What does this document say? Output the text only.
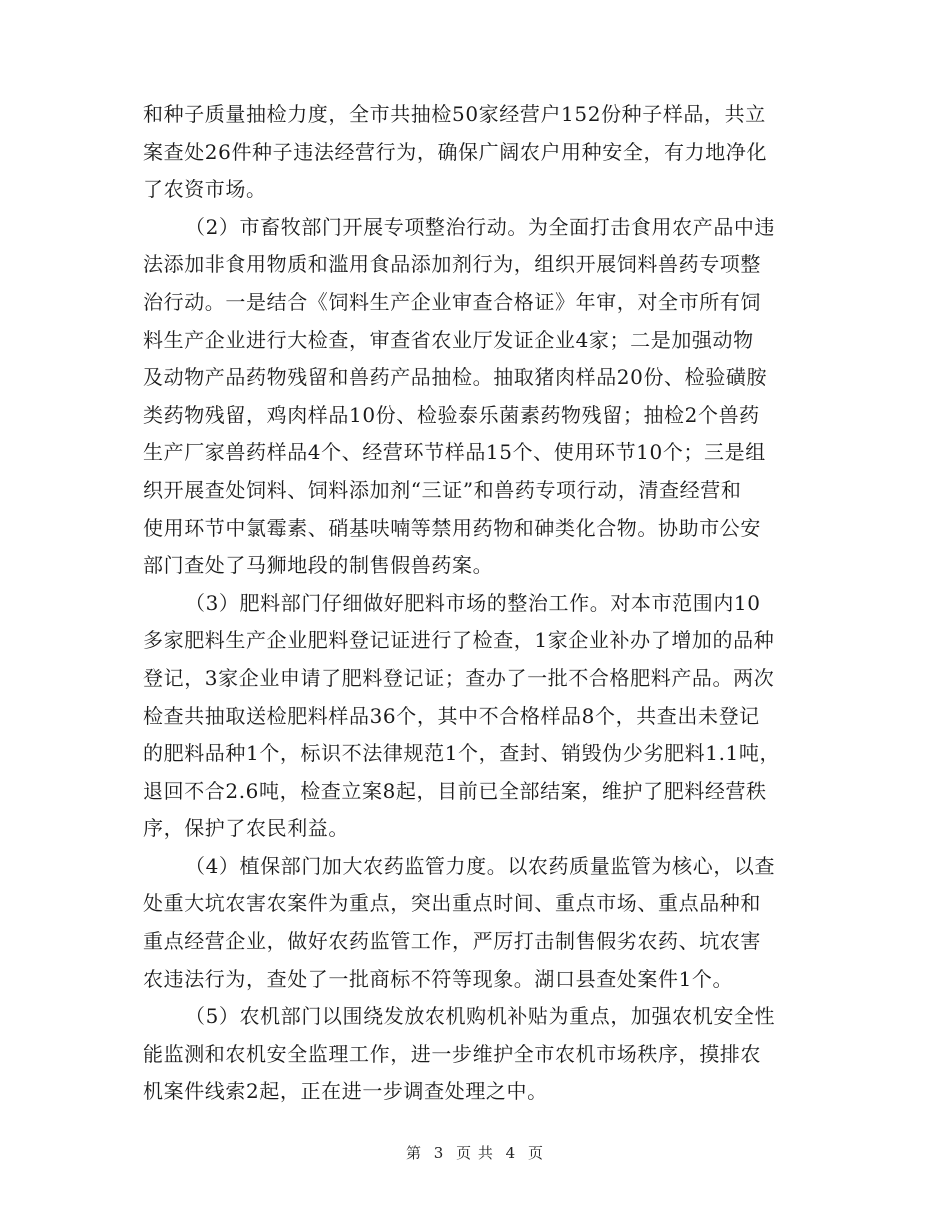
和种子质量抽检力度，全市共抽检50家经营户152份种子样品，共立
案查处26件种子违法经营行为，确保广阔农户用种安全，有力地净化
了农资市场。
（2）市畜牧部门开展专项整治行动。为全面打击食用农产品中违
法添加非食用物质和滥用食品添加剂行为，组织开展饲料兽药专项整
治行动。一是结合《饲料生产企业审查合格证》年审，对全市所有饲
料生产企业进行大检查，审查省农业厅发证企业4家；二是加强动物
及动物产品药物残留和兽药产品抽检。抽取猪肉样品20份、检验磺胺
类药物残留，鸡肉样品10份、检验泰乐菌素药物残留；抽检2个兽药
生产厂家兽药样品4个、经营环节样品15个、使用环节10个；三是组
织开展查处饲料、饲料添加剂“三证”和兽药专项行动，清查经营和
使用环节中氯霉素、硝基呋喃等禁用药物和砷类化合物。协助市公安
部门查处了马狮地段的制售假兽药案。
（3）肥料部门仔细做好肥料市场的整治工作。对本市范围内10
多家肥料生产企业肥料登记证进行了检查，1家企业补办了增加的品种
登记，3家企业申请了肥料登记证；查办了一批不合格肥料产品。两次
检查共抽取送检肥料样品36个，其中不合格样品8个，共查出未登记
的肥料品种1个，标识不法律规范1个，查封、销毁伪少劣肥料1.1吨，
退回不合2.6吨，检查立案8起，目前已全部结案，维护了肥料经营秩
序，保护了农民利益。
（4）植保部门加大农药监管力度。以农药质量监管为核心，以查
处重大坑农害农案件为重点，突出重点时间、重点市场、重点品种和
重点经营企业，做好农药监管工作，严厉打击制售假劣农药、坑农害
农违法行为，查处了一批商标不符等现象。湖口县查处案件1个。
（5）农机部门以围绕发放农机购机补贴为重点，加强农机安全性
能监测和农机安全监理工作，进一步维护全市农机市场秩序，摸排农
机案件线索2起，正在进一步调查处理之中。
第 3 页 共 4 页
